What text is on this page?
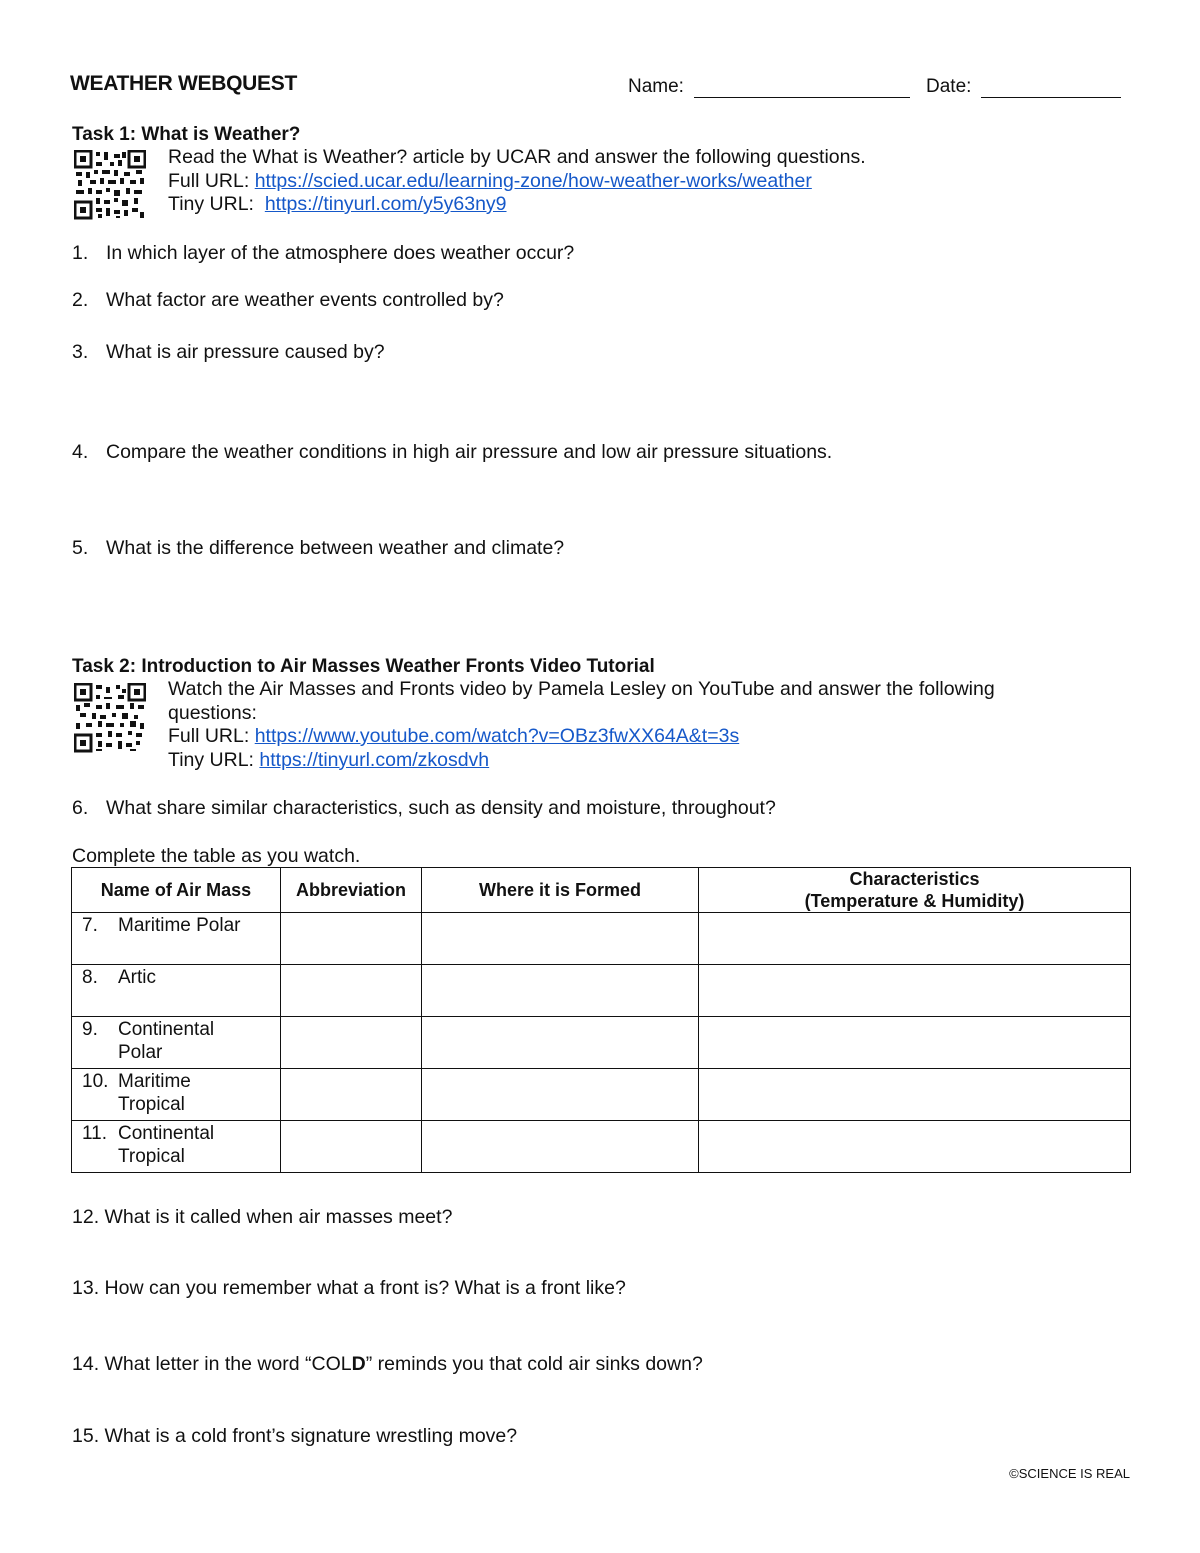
WEATHER WEBQUEST	Name:	Date:
Task 1: What is Weather?
Read the What is Weather? article by UCAR and answer the following questions.
Full URL: https://scied.ucar.edu/learning-zone/how-weather-works/weather
Tiny URL: https://tinyurl.com/y5y63ny9
1. In which layer of the atmosphere does weather occur?
2. What factor are weather events controlled by?
3. What is air pressure caused by?
4. Compare the weather conditions in high air pressure and low air pressure situations.
5. What is the difference between weather and climate?
Task 2: Introduction to Air Masses Weather Fronts Video Tutorial
Watch the Air Masses and Fronts video by Pamela Lesley on YouTube and answer the following
questions:
Full URL: https://www.youtube.com/watch?v=OBz3fwXX64A&t=3s
Tiny URL: https://tinyurl.com/zkosdvh
6. What share similar characteristics, such as density and moisture, throughout?
Complete the table as you watch.
Name of Air Mass	Abbreviation	Where it is Formed	Characteristics
(Temperature & Humidity)

7. Maritime Polar			

8. Artic			

9. Continental
Polar			

10. Maritime
Tropical			

11. Continental
Tropical			

12. What is it called when air masses meet?
13. How can you remember what a front is? What is a front like?
14. What letter in the word “COLD” reminds you that cold air sinks down?
15. What is a cold front’s signature wrestling move?
©SCIENCE IS REAL
